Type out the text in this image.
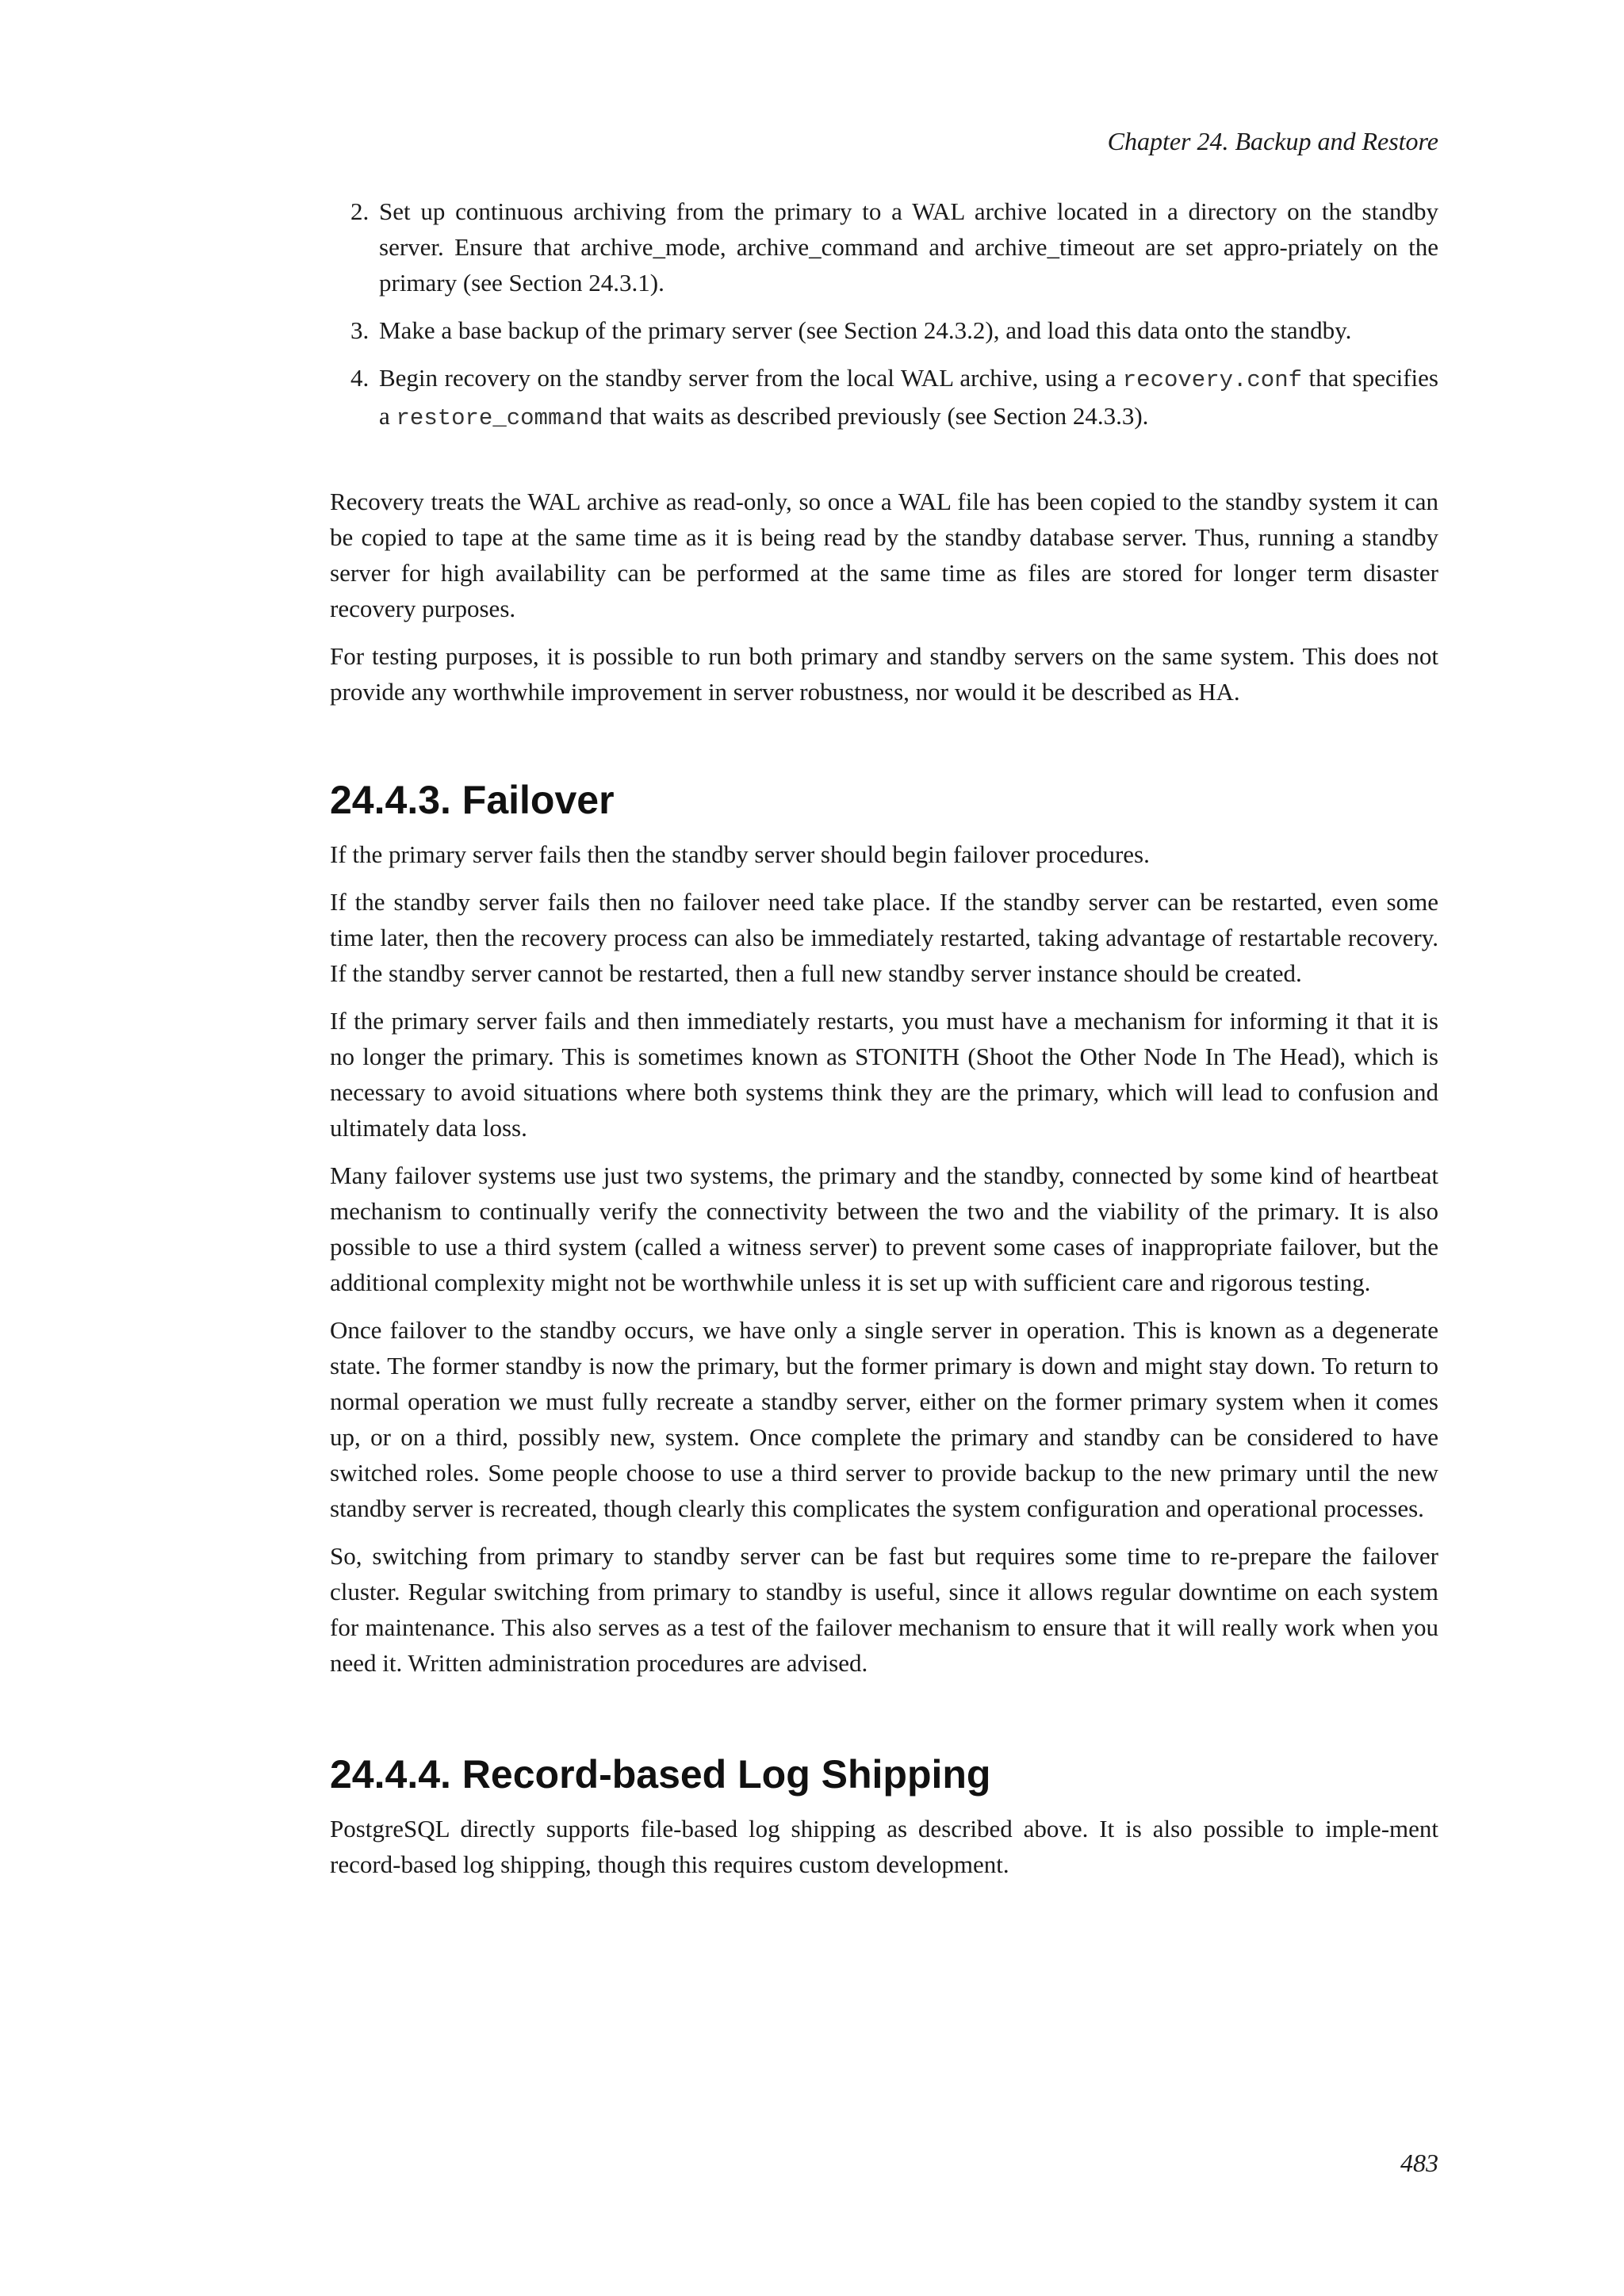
Chapter 24. Backup and Restore
2. Set up continuous archiving from the primary to a WAL archive located in a directory on the standby server. Ensure that archive_mode, archive_command and archive_timeout are set appro-priately on the primary (see Section 24.3.1).
3. Make a base backup of the primary server (see Section 24.3.2), and load this data onto the standby.
4. Begin recovery on the standby server from the local WAL archive, using a recovery.conf that specifies a restore_command that waits as described previously (see Section 24.3.3).

Recovery treats the WAL archive as read-only, so once a WAL file has been copied to the standby system it can be copied to tape at the same time as it is being read by the standby database server. Thus, running a standby server for high availability can be performed at the same time as files are stored for longer term disaster recovery purposes.

For testing purposes, it is possible to run both primary and standby servers on the same system. This does not provide any worthwhile improvement in server robustness, nor would it be described as HA.

24.4.3. Failover

If the primary server fails then the standby server should begin failover procedures.

If the standby server fails then no failover need take place. If the standby server can be restarted, even some time later, then the recovery process can also be immediately restarted, taking advantage of restartable recovery. If the standby server cannot be restarted, then a full new standby server instance should be created.

If the primary server fails and then immediately restarts, you must have a mechanism for informing it that it is no longer the primary. This is sometimes known as STONITH (Shoot the Other Node In The Head), which is necessary to avoid situations where both systems think they are the primary, which will lead to confusion and ultimately data loss.

Many failover systems use just two systems, the primary and the standby, connected by some kind of heartbeat mechanism to continually verify the connectivity between the two and the viability of the primary. It is also possible to use a third system (called a witness server) to prevent some cases of inappropriate failover, but the additional complexity might not be worthwhile unless it is set up with sufficient care and rigorous testing.

Once failover to the standby occurs, we have only a single server in operation. This is known as a degenerate state. The former standby is now the primary, but the former primary is down and might stay down. To return to normal operation we must fully recreate a standby server, either on the former primary system when it comes up, or on a third, possibly new, system. Once complete the primary and standby can be considered to have switched roles. Some people choose to use a third server to provide backup to the new primary until the new standby server is recreated, though clearly this complicates the system configuration and operational processes.

So, switching from primary to standby server can be fast but requires some time to re-prepare the failover cluster. Regular switching from primary to standby is useful, since it allows regular downtime on each system for maintenance. This also serves as a test of the failover mechanism to ensure that it will really work when you need it. Written administration procedures are advised.

24.4.4. Record-based Log Shipping

PostgreSQL directly supports file-based log shipping as described above. It is also possible to imple-ment record-based log shipping, though this requires custom development.

483
